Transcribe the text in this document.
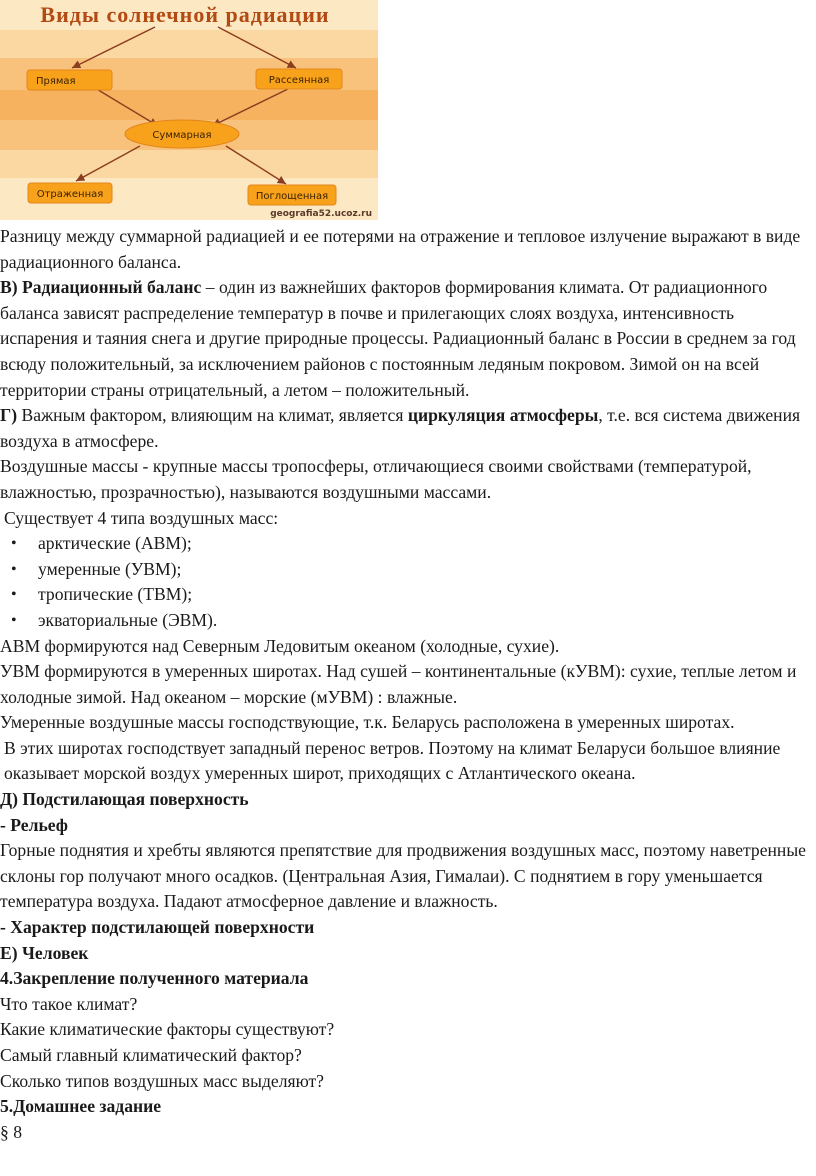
Виды солнечной радиации
Прямая	Рассеянная
Суммарная
Отраженная	Поглощенная
geografia52.ucoz.ru

Разницу между суммарной радиацией и ее потерями на отражение и тепловое излучение выражают в виде радиационного баланса.

В) Радиационный баланс – один из важнейших факторов формирования климата. От радиационного баланса зависят распределение температур в почве и прилегающих слоях воздуха, интенсивность испарения и таяния снега и другие природные процессы. Радиационный баланс в России в среднем за год всюду положительный, за исключением районов с постоянным ледяным покровом. Зимой он на всей территории страны отрицательный, а летом – положительный.

Г) Важным фактором, влияющим на климат, является циркуляция атмосферы, т.е. вся система движения воздуха в атмосфере.

Воздушные массы - крупные массы тропосферы, отличающиеся своими свойствами (температурой, влажностью, прозрачностью), называются воздушными массами.

Существует 4 типа воздушных масс:

• арктические (АВМ);
• умеренные (УВМ);
• тропические (ТВМ);
• экваториальные (ЭВМ).

АВМ формируются над Северным Ледовитым океаном (холодные, сухие).

УВМ формируются в умеренных широтах. Над сушей – континентальные (кУВМ): сухие, теплые летом и холодные зимой. Над океаном – морские (мУВМ) : влажные.

Умеренные воздушные массы господствующие, т.к. Беларусь расположена в умеренных широтах.

В этих широтах господствует западный перенос ветров. Поэтому на климат Беларуси большое влияние оказывает морской воздух умеренных широт, приходящих с Атлантического океана.

Д) Подстилающая поверхность

- Рельеф

Горные поднятия и хребты являются препятствие для продвижения воздушных масс, поэтому наветренные склоны гор получают много осадков. (Центральная Азия, Гималаи). С поднятием в гору уменьшается температура воздуха. Падают атмосферное давление и влажность.

- Характер подстилающей поверхности

Е) Человек

4.Закрепление полученного материала

Что такое климат?

Какие климатические факторы существуют?

Самый главный климатический фактор?

Сколько типов воздушных масс выделяют?

5.Домашнее задание

§ 8
